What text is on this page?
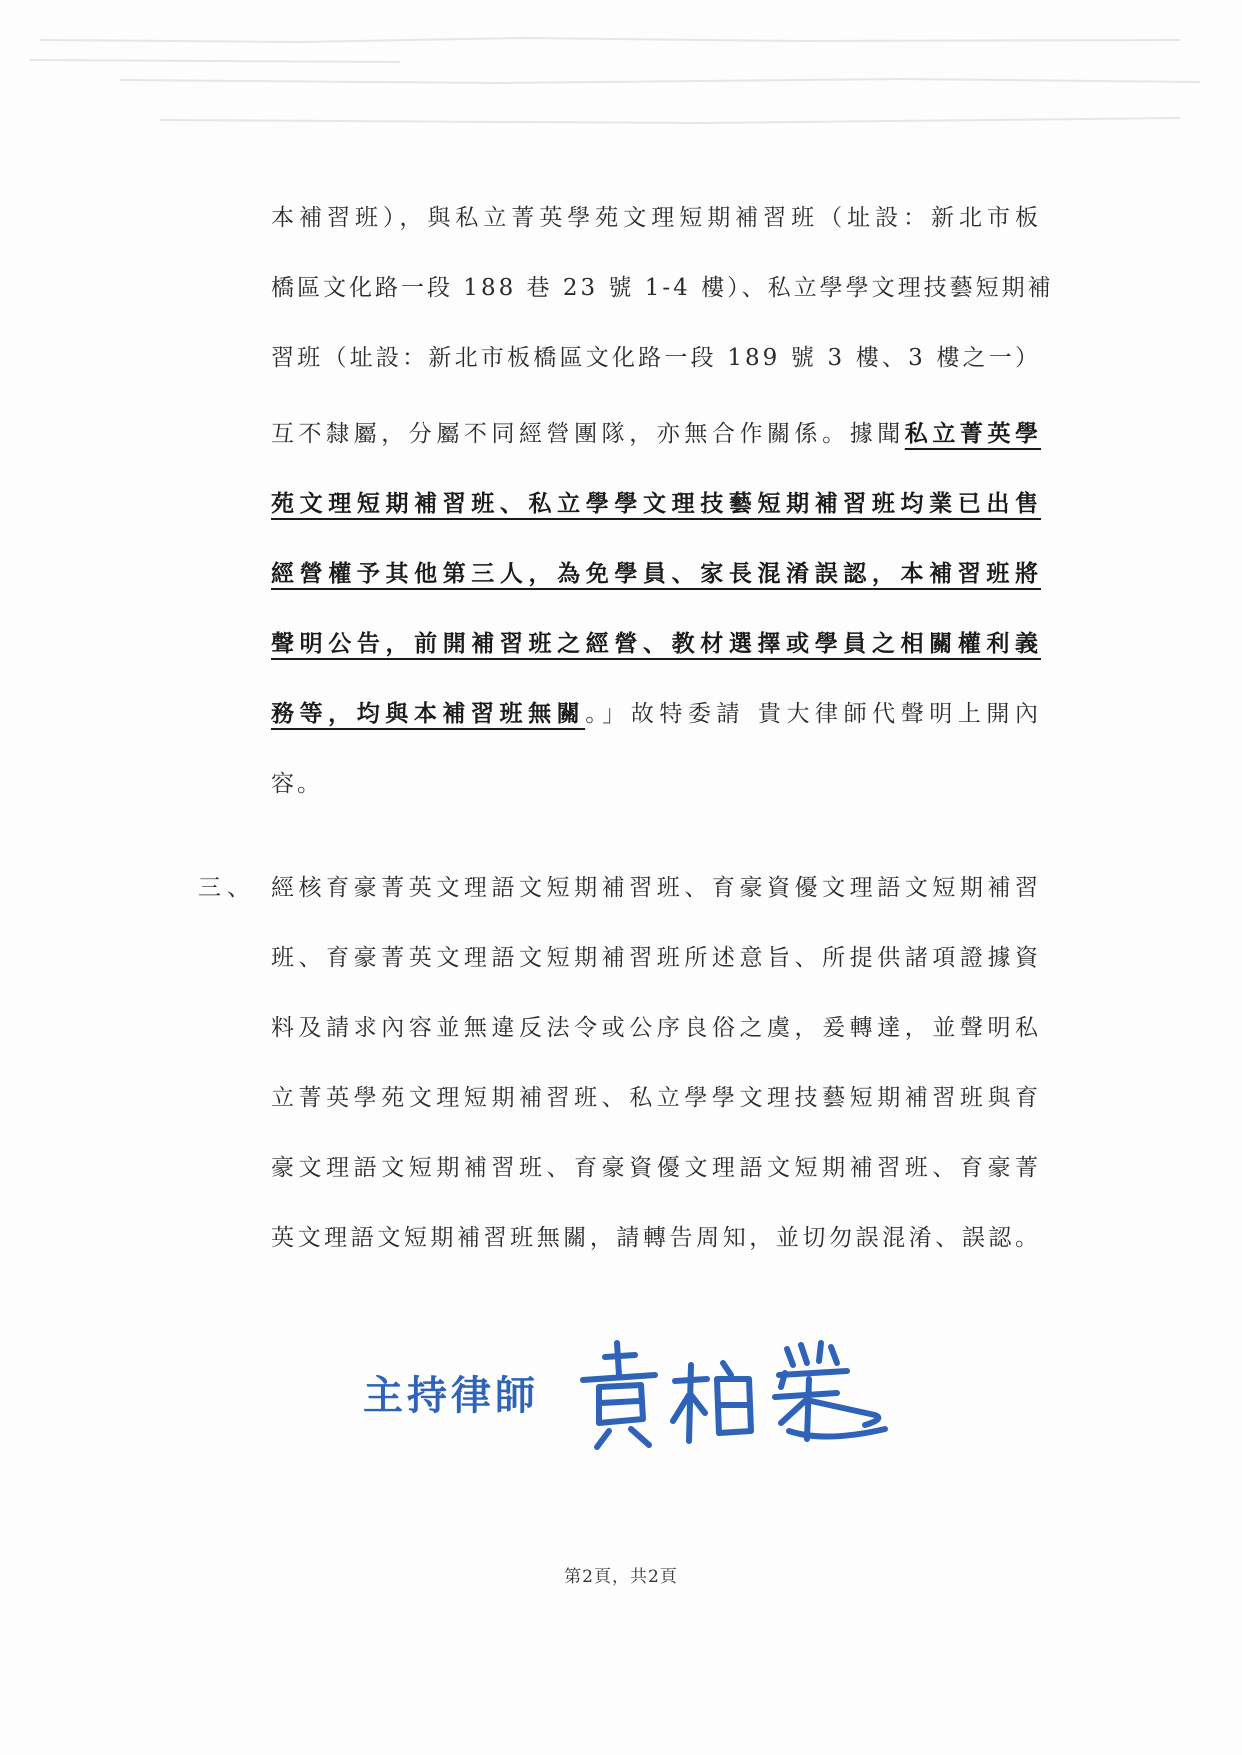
本補習班），與私立菁英學苑文理短期補習班（址設：新北市板
橋區文化路一段 188 巷 23 號 1-4 樓）、私立學學文理技藝短期補
習班（址設：新北市板橋區文化路一段 189 號 3 樓、3 樓之一）
互不隸屬，分屬不同經營團隊，亦無合作關係。據聞私立菁英學
苑文理短期補習班、私立學學文理技藝短期補習班均業已出售
經營權予其他第三人，為免學員、家長混淆誤認，本補習班將
聲明公告，前開補習班之經營、教材選擇或學員之相關權利義
務等，均與本補習班無關。」故特委請 貴大律師代聲明上開內
容。
三、 經核育豪菁英文理語文短期補習班、育豪資優文理語文短期補習
班、育豪菁英文理語文短期補習班所述意旨、所提供諸項證據資
料及請求內容並無違反法令或公序良俗之虞，爰轉達，並聲明私
立菁英學苑文理短期補習班、私立學學文理技藝短期補習班與育
豪文理語文短期補習班、育豪資優文理語文短期補習班、育豪菁
英文理語文短期補習班無關，請轉告周知，並切勿誤混淆、誤認。
主持律師
第2頁，共2頁
